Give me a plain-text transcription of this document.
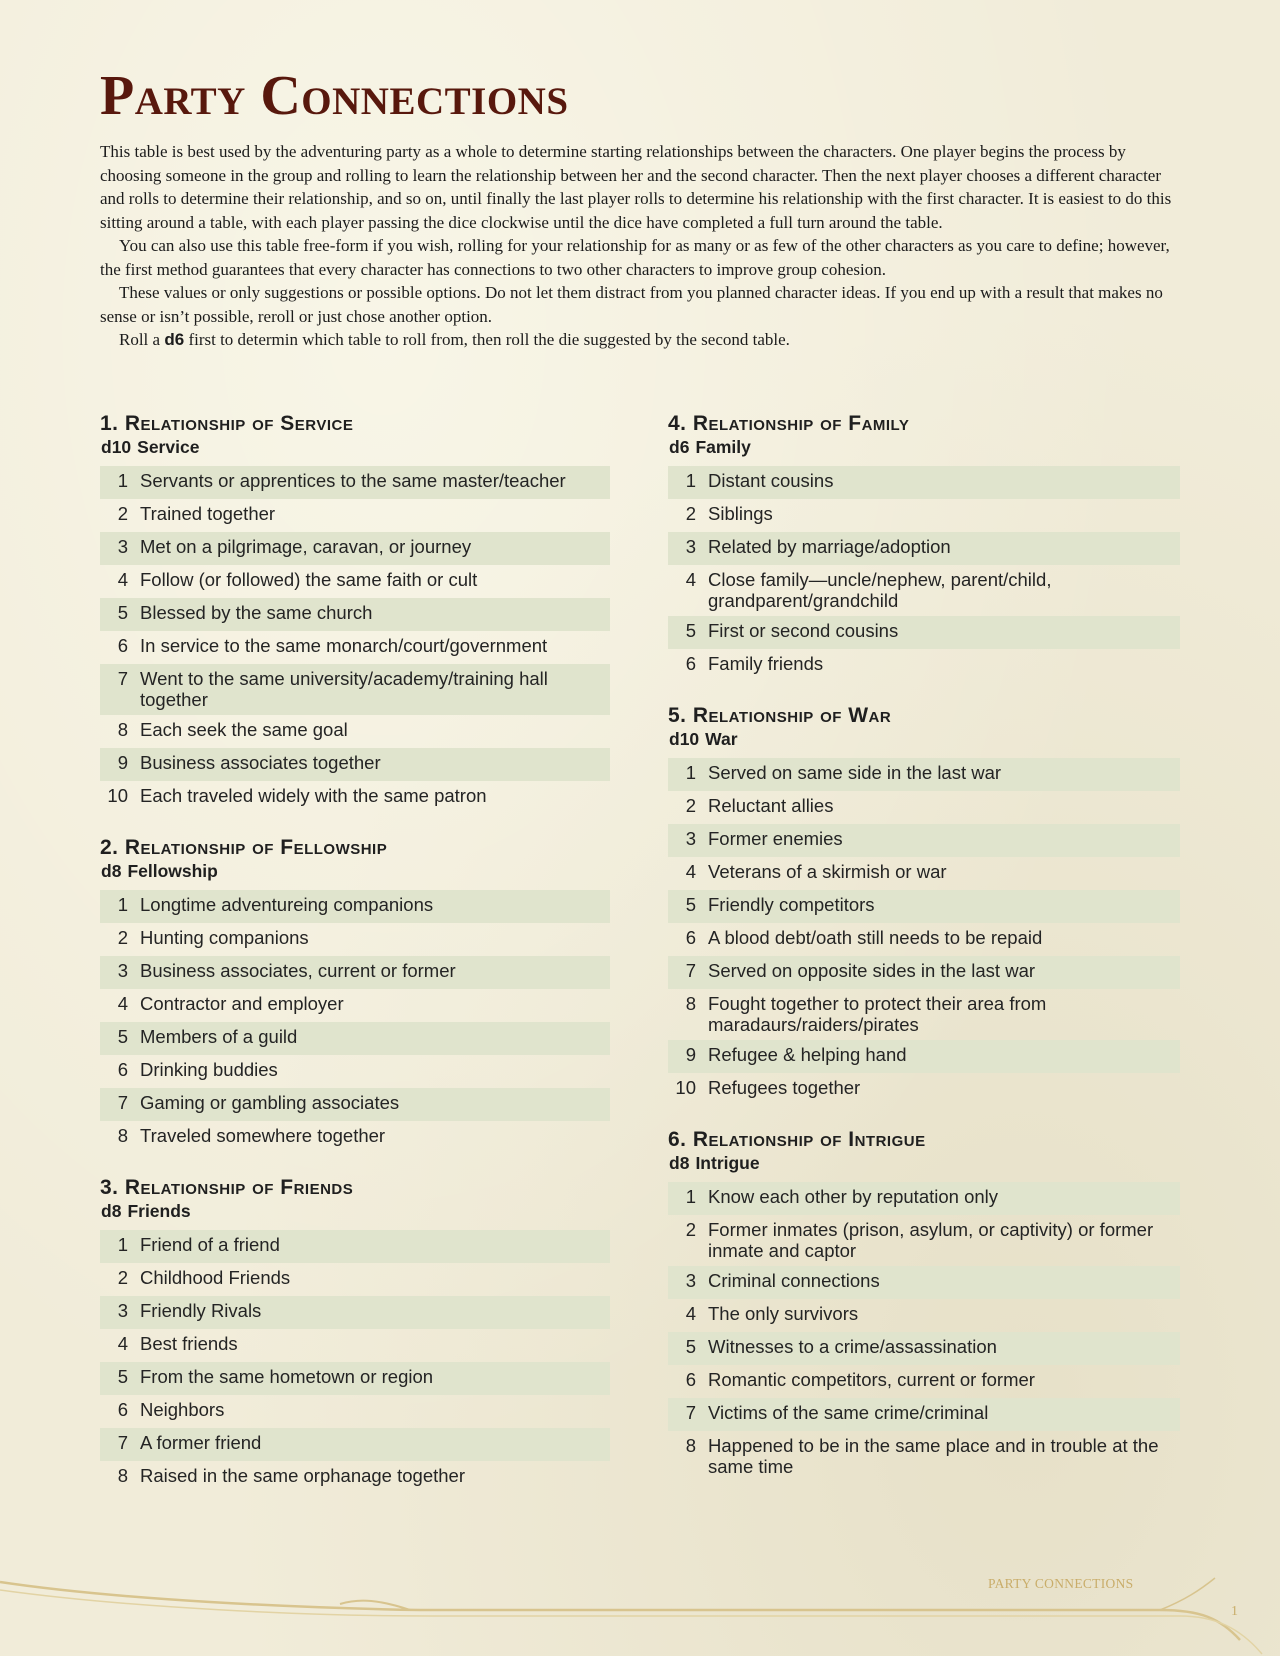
Party Connections

This table is best used by the adventuring party as a whole to determine starting relationships between the characters. One player begins the process by choosing someone in the group and rolling to learn the relationship between her and the second character. Then the next player chooses a different character and rolls to determine their relationship, and so on, until finally the last player rolls to determine his relationship with the first character. It is easiest to do this sitting around a table, with each player passing the dice clockwise until the dice have completed a full turn around the table.

You can also use this table free-form if you wish, rolling for your relationship for as many or as few of the other characters as you care to define; however, the first method guarantees that every character has connections to two other characters to improve group cohesion.

These values or only suggestions or possible options. Do not let them distract from you planned character ideas. If you end up with a result that makes no sense or isn’t possible, reroll or just chose another option.

Roll a d6 first to determin which table to roll from, then roll the die suggested by the second table.

1. Relationship of Service
d10 Service
1 Servants or apprentices to the same master/teacher
2 Trained together
3 Met on a pilgrimage, caravan, or journey
4 Follow (or followed) the same faith or cult
5 Blessed by the same church
6 In service to the same monarch/court/government
7 Went to the same university/academy/training hall together
8 Each seek the same goal
9 Business associates together
10 Each traveled widely with the same patron
2. Relationship of Fellowship
d8 Fellowship
1 Longtime adventureing companions
2 Hunting companions
3 Business associates, current or former
4 Contractor and employer
5 Members of a guild
6 Drinking buddies
7 Gaming or gambling associates
8 Traveled somewhere together
3. Relationship of Friends
d8 Friends
1 Friend of a friend
2 Childhood Friends
3 Friendly Rivals
4 Best friends
5 From the same hometown or region
6 Neighbors
7 A former friend
8 Raised in the same orphanage together
4. Relationship of Family
d6 Family
1 Distant cousins
2 Siblings
3 Related by marriage/adoption
4 Close family—uncle/nephew, parent/child, grandparent/grandchild
5 First or second cousins
6 Family friends
5. Relationship of War
d10 War
1 Served on same side in the last war
2 Reluctant allies
3 Former enemies
4 Veterans of a skirmish or war
5 Friendly competitors
6 A blood debt/oath still needs to be repaid
7 Served on opposite sides in the last war
8 Fought together to protect their area from maradaurs/raiders/pirates
9 Refugee & helping hand
10 Refugees together
6. Relationship of Intrigue
d8 Intrigue
1 Know each other by reputation only
2 Former inmates (prison, asylum, or captivity) or former inmate and captor
3 Criminal connections
4 The only survivors
5 Witnesses to a crime/assassination
6 Romantic competitors, current or former
7 Victims of the same crime/criminal
8 Happened to be in the same place and in trouble at the same time
PARTY CONNECTIONS
1
